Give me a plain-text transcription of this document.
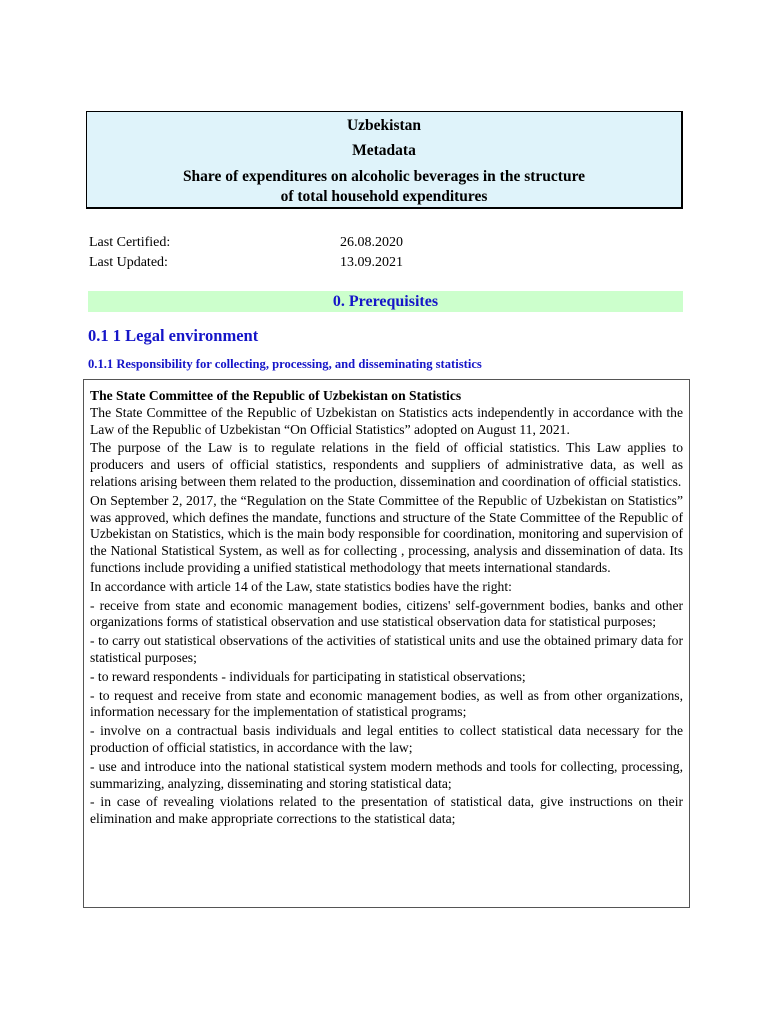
Uzbekistan
Metadata
Share of expenditures on alcoholic beverages in the structure
of total household expenditures
Last Certified:	26.08.2020
Last Updated:	13.09.2021
0. Prerequisites
0.1 1 Legal environment
0.1.1 Responsibility for collecting, processing, and disseminating statistics

The State Committee of the Republic of Uzbekistan on Statistics

The State Committee of the Republic of Uzbekistan on Statistics acts independently in accordance with the Law of the Republic of Uzbekistan “On Official Statistics” adopted on August 11, 2021.

The purpose of the Law is to regulate relations in the field of official statistics. This Law applies to producers and users of official statistics, respondents and suppliers of administrative data, as well as relations arising between them related to the production, dissemination and coordination of official statistics.

On September 2, 2017, the “Regulation on the State Committee of the Republic of Uzbekistan on Statistics” was approved, which defines the mandate, functions and structure of the State Committee of the Republic of Uzbekistan on Statistics, which is the main body responsible for coordination, monitoring and supervision of the National Statistical System, as well as for collecting , processing, analysis and dissemination of data. Its functions include providing a unified statistical methodology that meets international standards.

In accordance with article 14 of the Law, state statistics bodies have the right:

- receive from state and economic management bodies, citizens' self-government bodies, banks and other organizations forms of statistical observation and use statistical observation data for statistical purposes;

- to carry out statistical observations of the activities of statistical units and use the obtained primary data for statistical purposes;

- to reward respondents - individuals for participating in statistical observations;

- to request and receive from state and economic management bodies, as well as from other organizations, information necessary for the implementation of statistical programs;

- involve on a contractual basis individuals and legal entities to collect statistical data necessary for the production of official statistics, in accordance with the law;

- use and introduce into the national statistical system modern methods and tools for collecting, processing, summarizing, analyzing, disseminating and storing statistical data;

- in case of revealing violations related to the presentation of statistical data, give instructions on their elimination and make appropriate corrections to the statistical data;
